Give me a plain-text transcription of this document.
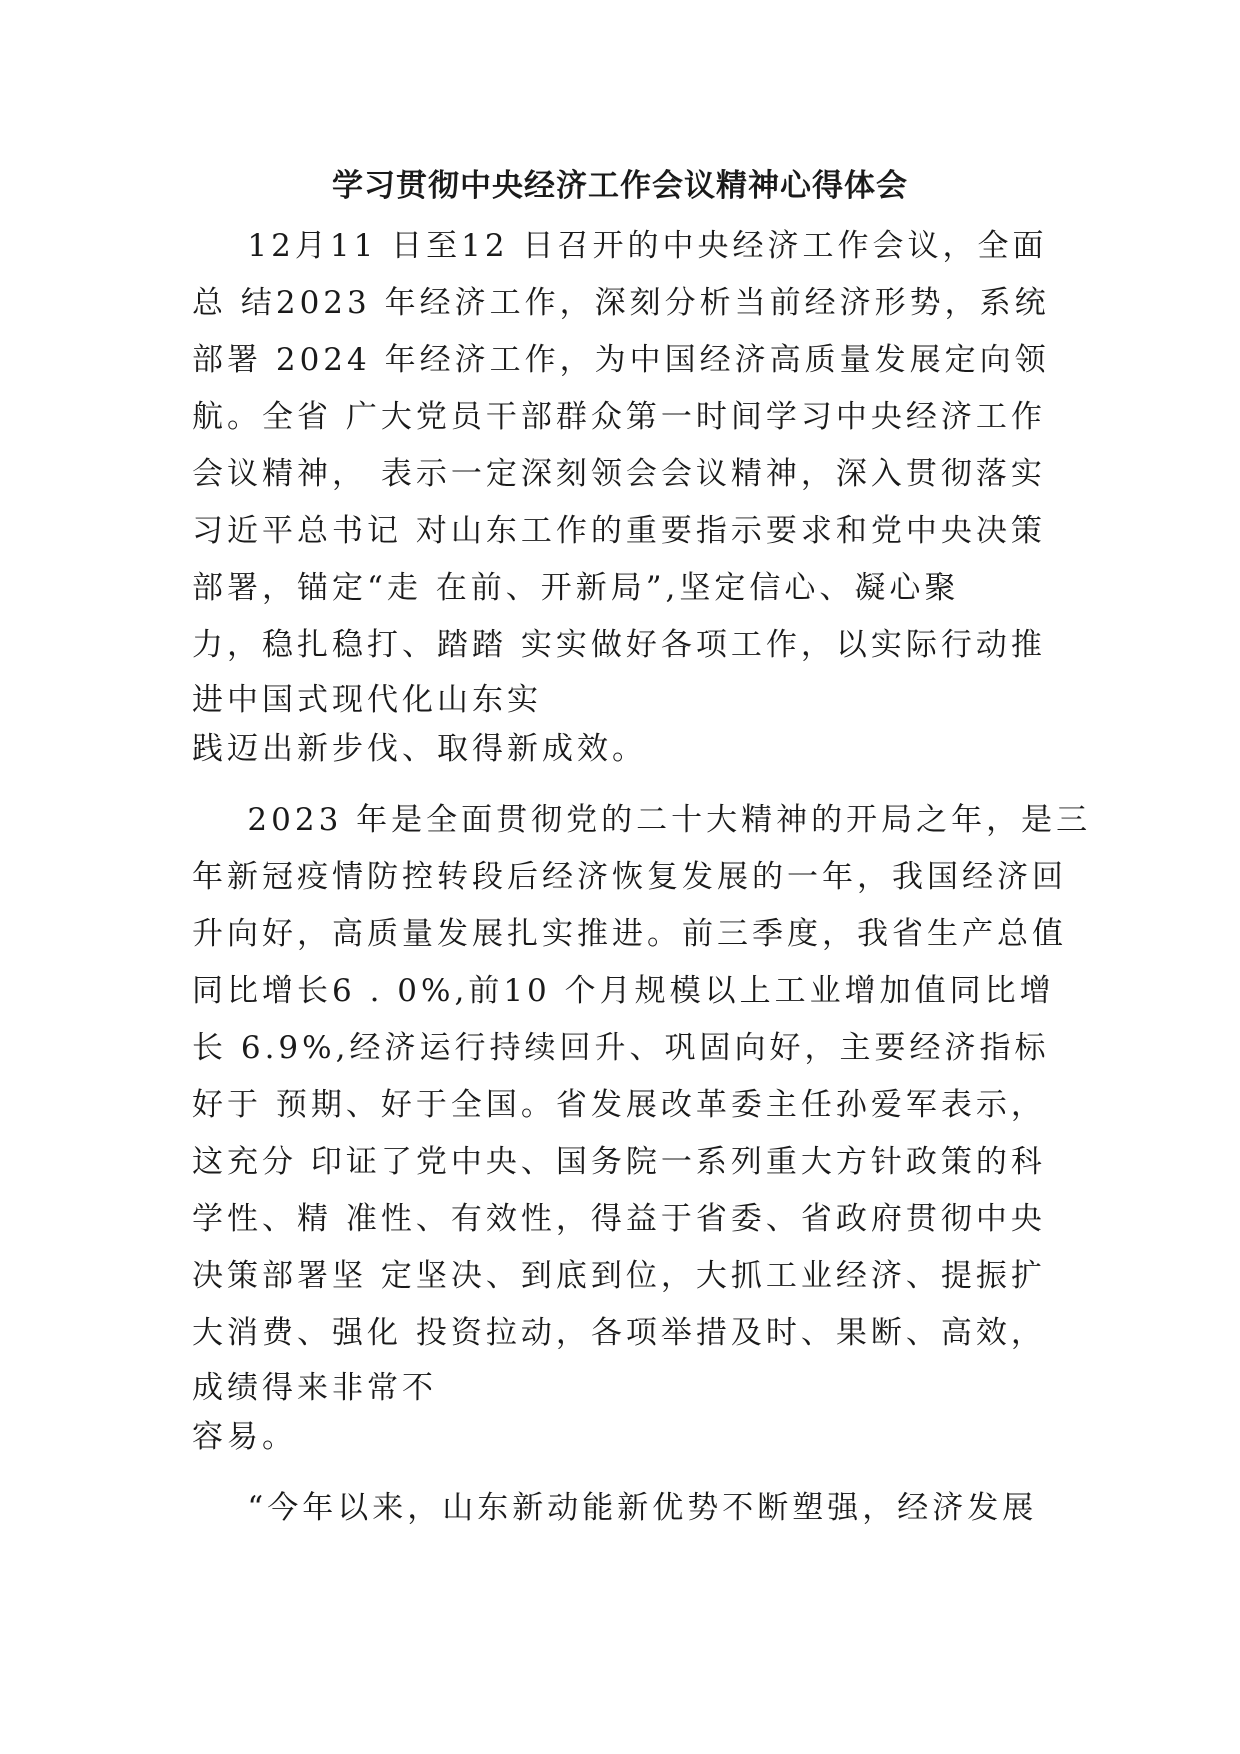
学习贯彻中央经济工作会议精神心得体会
12月11 日至12 日召开的中央经济工作会议，全面
总 结2023 年经济工作，深刻分析当前经济形势，系统
部署 2024 年经济工作，为中国经济高质量发展定向领
航。全省 广大党员干部群众第一时间学习中央经济工作
会议精神， 表示一定深刻领会会议精神，深入贯彻落实
习近平总书记 对山东工作的重要指示要求和党中央决策
部署，锚定“走 在前、开新局”,坚定信心、凝心聚
力，稳扎稳打、踏踏 实实做好各项工作，以实际行动推
进中国式现代化山东实
践迈出新步伐、取得新成效。
2023 年是全面贯彻党的二十大精神的开局之年，是三
年新冠疫情防控转段后经济恢复发展的一年，我国经济回
升向好，高质量发展扎实推进。前三季度，我省生产总值
同比增长6 . 0%,前10 个月规模以上工业增加值同比增
长 6.9%,经济运行持续回升、巩固向好，主要经济指标
好于 预期、好于全国。省发展改革委主任孙爱军表示，
这充分 印证了党中央、国务院一系列重大方针政策的科
学性、精 准性、有效性，得益于省委、省政府贯彻中央
决策部署坚 定坚决、到底到位，大抓工业经济、提振扩
大消费、强化 投资拉动，各项举措及时、果断、高效，
成绩得来非常不
容易。
“今年以来，山东新动能新优势不断塑强，经济发展
